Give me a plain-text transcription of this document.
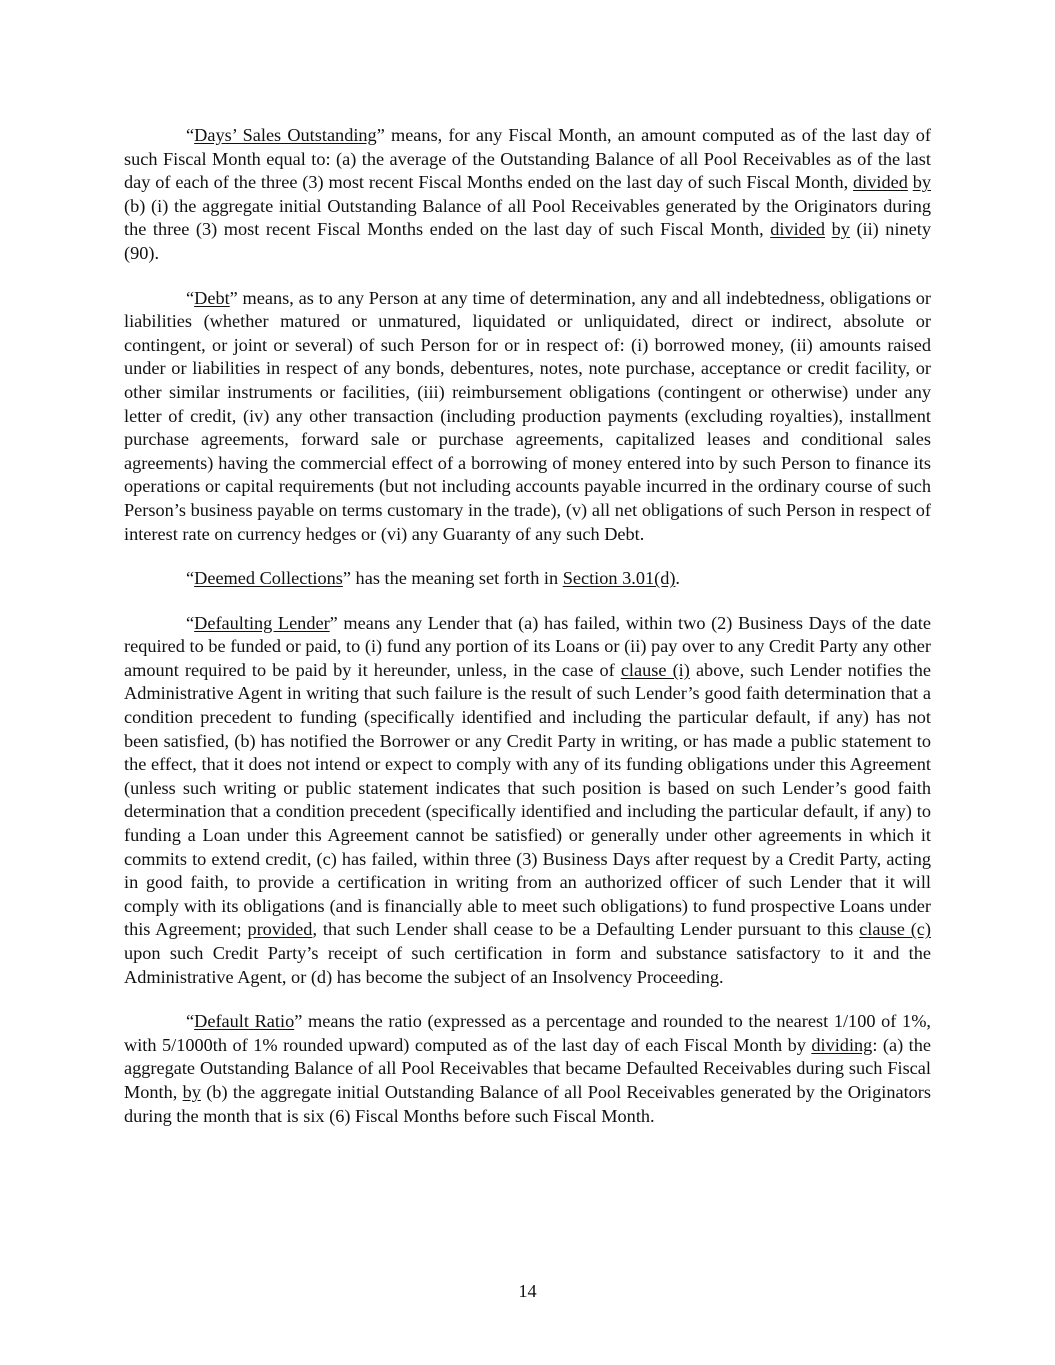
“Days’ Sales Outstanding” means, for any Fiscal Month, an amount computed as of the last day of such Fiscal Month equal to: (a) the average of the Outstanding Balance of all Pool Receivables as of the last day of each of the three (3) most recent Fiscal Months ended on the last day of such Fiscal Month, divided by (b) (i) the aggregate initial Outstanding Balance of all Pool Receivables generated by the Originators during the three (3) most recent Fiscal Months ended on the last day of such Fiscal Month, divided by (ii) ninety (90).

“Debt” means, as to any Person at any time of determination, any and all indebtedness, obligations or liabilities (whether matured or unmatured, liquidated or unliquidated, direct or indirect, absolute or contingent, or joint or several) of such Person for or in respect of: (i) borrowed money, (ii) amounts raised under or liabilities in respect of any bonds, debentures, notes, note purchase, acceptance or credit facility, or other similar instruments or facilities, (iii) reimbursement obligations (contingent or otherwise) under any letter of credit, (iv) any other transaction (including production payments (excluding royalties), installment purchase agreements, forward sale or purchase agreements, capitalized leases and conditional sales agreements) having the commercial effect of a borrowing of money entered into by such Person to finance its operations or capital requirements (but not including accounts payable incurred in the ordinary course of such Person’s business payable on terms customary in the trade), (v) all net obligations of such Person in respect of interest rate on currency hedges or (vi) any Guaranty of any such Debt.

“Deemed Collections” has the meaning set forth in Section 3.01(d).

“Defaulting Lender” means any Lender that (a) has failed, within two (2) Business Days of the date required to be funded or paid, to (i) fund any portion of its Loans or (ii) pay over to any Credit Party any other amount required to be paid by it hereunder, unless, in the case of clause (i) above, such Lender notifies the Administrative Agent in writing that such failure is the result of such Lender’s good faith determination that a condition precedent to funding (specifically identified and including the particular default, if any) has not been satisfied, (b) has notified the Borrower or any Credit Party in writing, or has made a public statement to the effect, that it does not intend or expect to comply with any of its funding obligations under this Agreement (unless such writing or public statement indicates that such position is based on such Lender’s good faith determination that a condition precedent (specifically identified and including the particular default, if any) to funding a Loan under this Agreement cannot be satisfied) or generally under other agreements in which it commits to extend credit, (c) has failed, within three (3) Business Days after request by a Credit Party, acting in good faith, to provide a certification in writing from an authorized officer of such Lender that it will comply with its obligations (and is financially able to meet such obligations) to fund prospective Loans under this Agreement; provided, that such Lender shall cease to be a Defaulting Lender pursuant to this clause (c) upon such Credit Party’s receipt of such certification in form and substance satisfactory to it and the Administrative Agent, or (d) has become the subject of an Insolvency Proceeding.

“Default Ratio” means the ratio (expressed as a percentage and rounded to the nearest 1/100 of 1%, with 5/1000th of 1% rounded upward) computed as of the last day of each Fiscal Month by dividing: (a) the aggregate Outstanding Balance of all Pool Receivables that became Defaulted Receivables during such Fiscal Month, by (b) the aggregate initial Outstanding Balance of all Pool Receivables generated by the Originators during the month that is six (6) Fiscal Months before such Fiscal Month.

14
